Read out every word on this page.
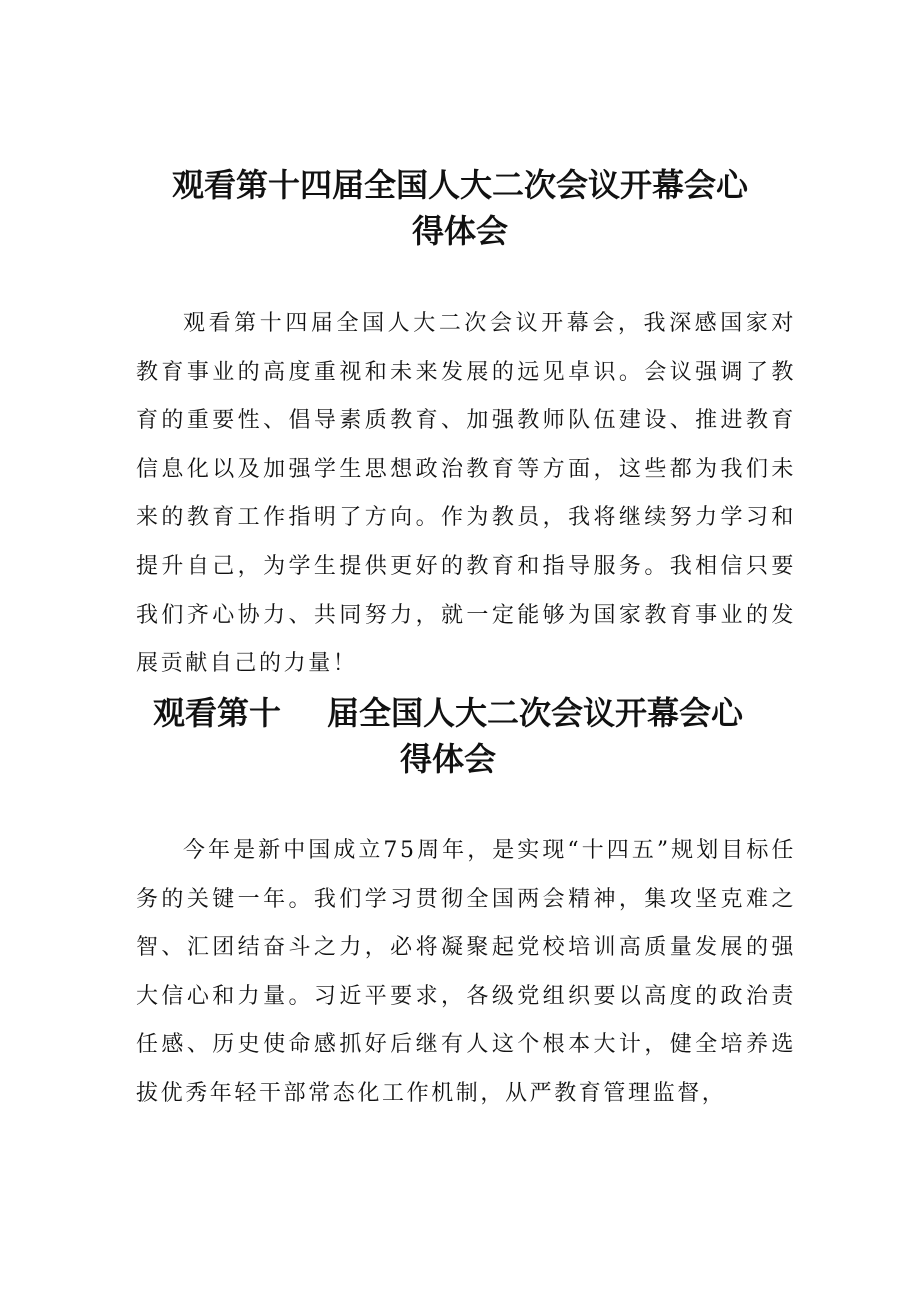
观看第十四届全国人大二次会议开幕会心
得体会

观看第十四届全国人大二次会议开幕会，我深感国家对教育事业的高度重视和未来发展的远见卓识。会议强调了教育的重要性、倡导素质教育、加强教师队伍建设、推进教育信息化以及加强学生思想政治教育等方面，这些都为我们未来的教育工作指明了方向。作为教员，我将继续努力学习和提升自己，为学生提供更好的教育和指导服务。我相信只要我们齐心协力、共同努力，就一定能够为国家教育事业的发展贡献自己的力量！

观看第十 届全国人大二次会议开幕会心
得体会

今年是新中国成立75周年，是实现“十四五”规划目标任务的关键一年。我们学习贯彻全国两会精神，集攻坚克难之智、汇团结奋斗之力，必将凝聚起党校培训高质量发展的强大信心和力量。习近平要求，各级党组织要以高度的政治责任感、历史使命感抓好后继有人这个根本大计，健全培养选拔优秀年轻干部常态化工作机制，从严教育管理监督，
